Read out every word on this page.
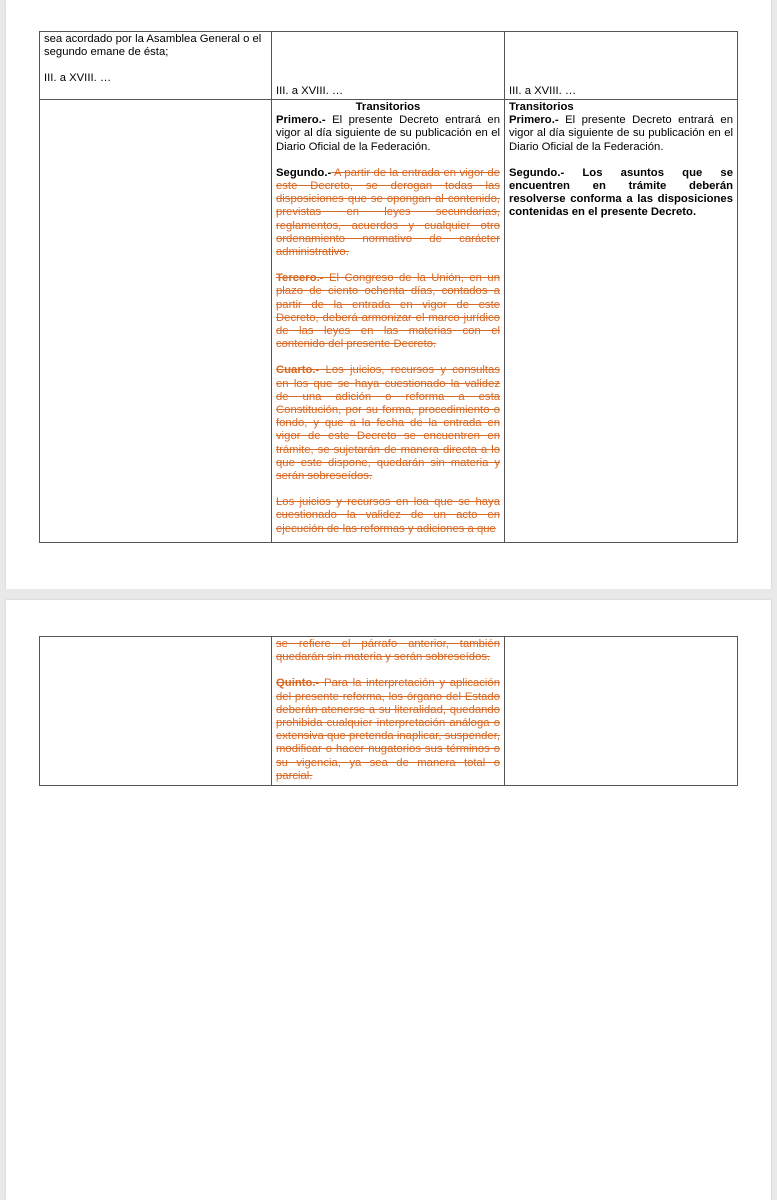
sea acordado por la Asamblea General o el segundo emane de ésta;

III. a XVIII. …

III. a XVIII. …	III. a XVIII. …

Transitorios

Primero.- El presente Decreto entrará en vigor al día siguiente de su publicación en el Diario Oficial de la Federación.

Segundo.- A partir de la entrada en vigor de este Decreto, se derogan todas las disposiciones que se opongan al contenido, previstas en leyes secundarias, reglamentos, acuerdos y cualquier otro ordenamiento normativo de carácter administrativo.

Tercero.- El Congreso de la Unión, en un plazo de ciento ochenta días, contados a partir de la entrada en vigor de este Decreto, deberá armonizar el marco jurídico de las leyes en las materias con el contenido del presente Decreto.

Cuarto.- Los juicios, recursos y consultas en los que se haya cuestionado la validez de una adición o reforma a esta Constitución, por su forma, procedimiento o fondo, y que a la fecha de la entrada en vigor de este Decreto se encuentren en trámite, se sujetarán de manera directa a lo que este dispone, quedarán sin materia y serán sobreseídos.

Los juicios y recursos en loa que se haya cuestionado la validez de un acto en ejecución de las reformas y adiciones a que

Transitorios

Primero.- El presente Decreto entrará en vigor al día siguiente de su publicación en el Diario Oficial de la Federación.

Segundo.- Los asuntos que se encuentren en trámite deberán resolverse conforma a las disposiciones contenidas en el presente Decreto.

se refiere el párrafo anterior, también quedarán sin materia y serán sobreseídos.

Quinto.- Para la interpretación y aplicación del presente reforma, los órgano del Estado deberán atenerse a su literalidad, quedando prohibida cualquier interpretación análoga o extensiva que pretenda inaplicar, suspender, modificar o hacer nugatorios sus términos o su vigencia, ya sea de manera total o parcial.
